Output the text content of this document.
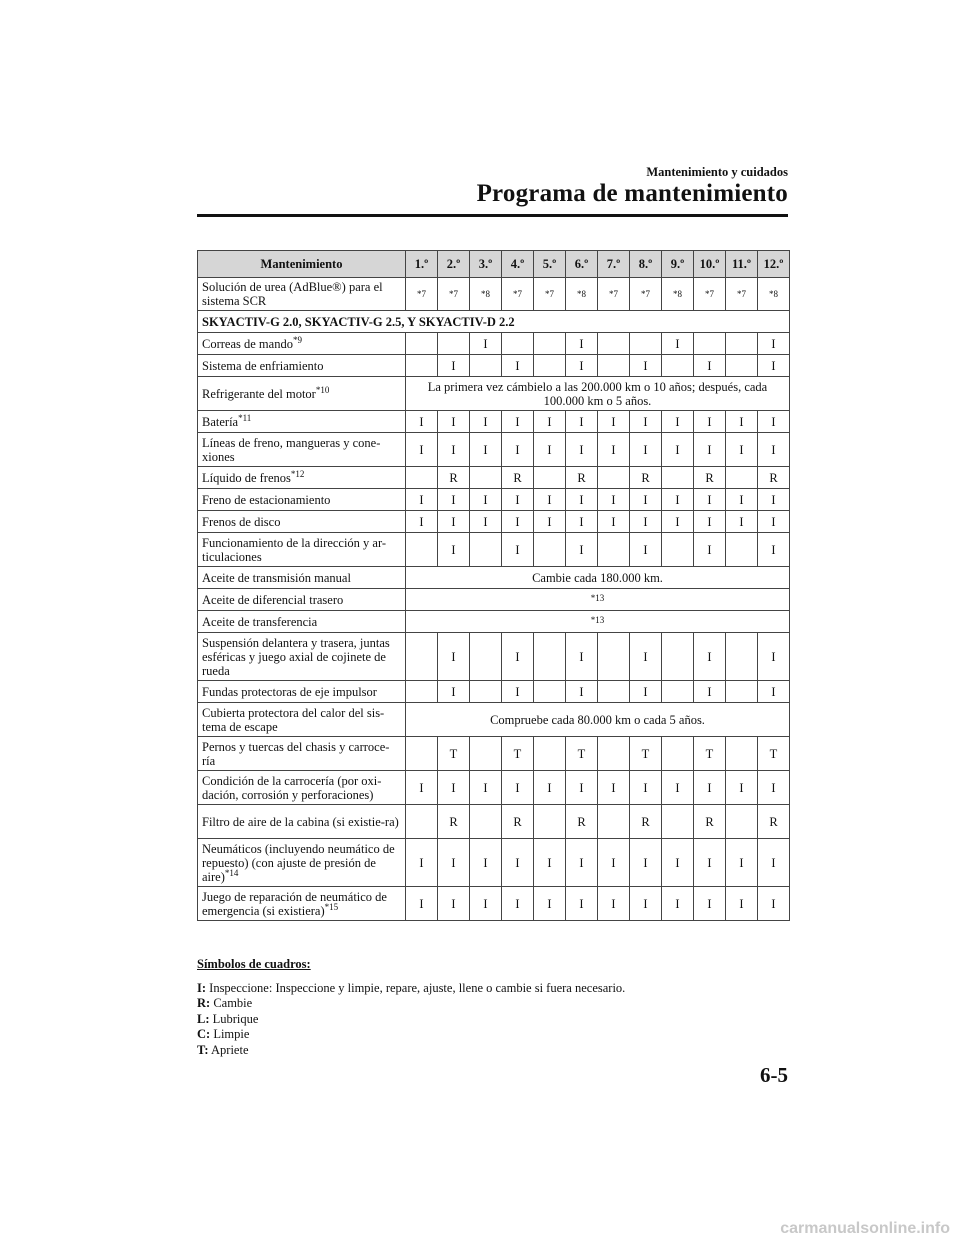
Mantenimiento y cuidados
Programa de mantenimiento
Mantenimiento	1.º	2.º	3.º	4.º	5.º	6.º	7.º	8.º	9.º	10.º	11.º	12.º
Solución de urea (AdBlue®) para el sistema SCR	*7	*7	*8	*7	*7	*8	*7	*7	*8	*7	*7	*8
SKYACTIV-G 2.0, SKYACTIV-G 2.5, Y SKYACTIV-D 2.2												
Correas de mando$^{*9}$			I			I			I			I
Sistema de enfriamiento		I		I		I		I		I		I
Refrigerante del motor$^{*10}$	La primera vez cámbielo a las 200.000 km o 10 años; después, cada 100.000 km o 5 años.											
Batería$^{*11}$	I	I	I	I	I	I	I	I	I	I	I	I
Líneas de freno, mangueras y cone-xiones	I	I	I	I	I	I	I	I	I	I	I	I
Líquido de frenos$^{*12}$		R		R		R		R		R		R
Freno de estacionamiento	I	I	I	I	I	I	I	I	I	I	I	I
Frenos de disco	I	I	I	I	I	I	I	I	I	I	I	I
Funcionamiento de la dirección y ar-ticulaciones		I		I		I		I		I		I
Aceite de transmisión manual	Cambie cada 180.000 km.											
Aceite de diferencial trasero	*13											
Aceite de transferencia	*13											
Suspensión delantera y trasera, juntas esféricas y juego axial de cojinete de rueda		I		I		I		I		I		I
Fundas protectoras de eje impulsor		I		I		I		I		I		I
Cubierta protectora del calor del sis-tema de escape	Compruebe cada 80.000 km o cada 5 años.											
Pernos y tuercas del chasis y carroce-ría		T		T		T		T		T		T
Condición de la carrocería (por oxi-dación, corrosión y perforaciones)	I	I	I	I	I	I	I	I	I	I	I	I
Filtro de aire de la cabina (si existie-ra)		R		R		R		R		R		R
Neumáticos (incluyendo neumático de repuesto) (con ajuste de presión de aire)$^{*14}$	I	I	I	I	I	I	I	I	I	I	I	I
Juego de reparación de neumático de emergencia (si existiera)$^{*15}$	I	I	I	I	I	I	I	I	I	I	I	I
Símbolos de cuadros:
I: Inspeccione: Inspeccione y limpie, repare, ajuste, llene o cambie si fuera necesario.
R: Cambie
L: Lubrique
C: Limpie
T: Apriete
6-5
carmanualsonline.info
